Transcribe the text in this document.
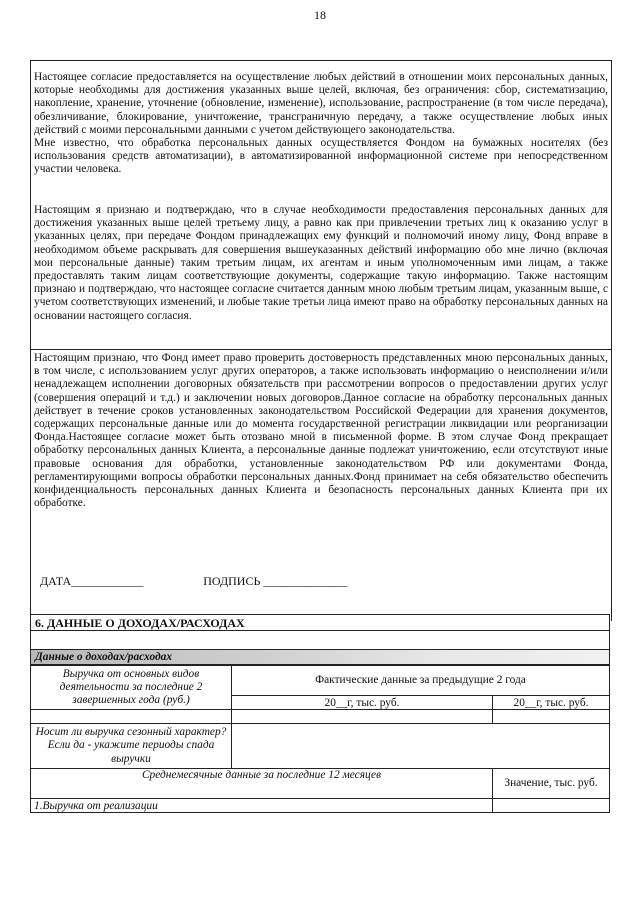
18

Настоящее согласие предоставляется на осуществление любых действий в отношении моих персональных данных, которые необходимы для достижения указанных выше целей, включая, без ограничения: сбор, систематизацию, накопление, хранение, уточнение (обновление, изменение), использование, распространение (в том числе передача), обезличивание, блокирование, уничтожение, трансграничную передачу, а также осуществление любых иных действий с моими персональными данными с учетом действующего законодательства.

Мне известно, что обработка персональных данных осуществляется Фондом на бумажных носителях (без использования средств автоматизации), в автоматизированной информационной системе при непосредственном участии человека.

Настоящим я признаю и подтверждаю, что в случае необходимости предоставления персональных данных для достижения указанных выше целей третьему лицу, а равно как при привлечении третьих лиц к оказанию услуг в указанных целях, при передаче Фондом принадлежащих ему функций и полномочий иному лицу, Фонд вправе в необходимом объеме раскрывать для совершения вышеуказанных действий информацию обо мне лично (включая мои персональные данные) таким третьим лицам, их агентам и иным уполномоченным ими лицам, а также предоставлять таким лицам соответствующие документы, содержащие такую информацию. Также настоящим признаю и подтверждаю, что настоящее согласие считается данным мною любым третьим лицам, указанным выше, с учетом соответствующих изменений, и любые такие третьи лица имеют право на обработку персональных данных на основании настоящего согласия.

Настоящим признаю, что Фонд имеет право проверить достоверность представленных мною персональных данных, в том числе, с использованием услуг других операторов, а также использовать информацию о неисполнении и/или ненадлежащем исполнении договорных обязательств при рассмотрении вопросов о предоставлении других услуг (совершения операций и т.д.) и заключении новых договоров.Данное согласие на обработку персональных данных действует в течение сроков установленных законодательством Российской Федерации для хранения документов, содержащих персональные данные или до момента государственной регистрации ликвидации или реорганизации Фонда.Настоящее согласие может быть отозвано мной в письменной форме. В этом случае Фонд прекращает обработку персональных данных Клиента, а персональные данные подлежат уничтожению, если отсутствуют иные правовые основания для обработки, установленные законодательством РФ или документами Фонда, регламентирующими вопросы обработки персональных данных.Фонд принимает на себя обязательство обеспечить конфиденциальность персональных данных Клиента и безопасность персональных данных Клиента при их обработке.

ДАТА____________	ПОДПИСЬ ______________
6. ДАННЫЕ О ДОХОДАХ/РАСХОДАХ
Данные о доходах/расходах
Выручка от основных видов деятельности за последние 2 завершенных года (руб.)	Фактические данные за предыдущие 2 года	
	20__г, тыс. руб.	20__г, тыс. руб.

Носит ли выручка сезонный характер? Если да - укажите периоды спада выручки		
Среднемесячные данные за последние 12 месяцев		Значение, тыс. руб.
1.Выручка от реализации		
